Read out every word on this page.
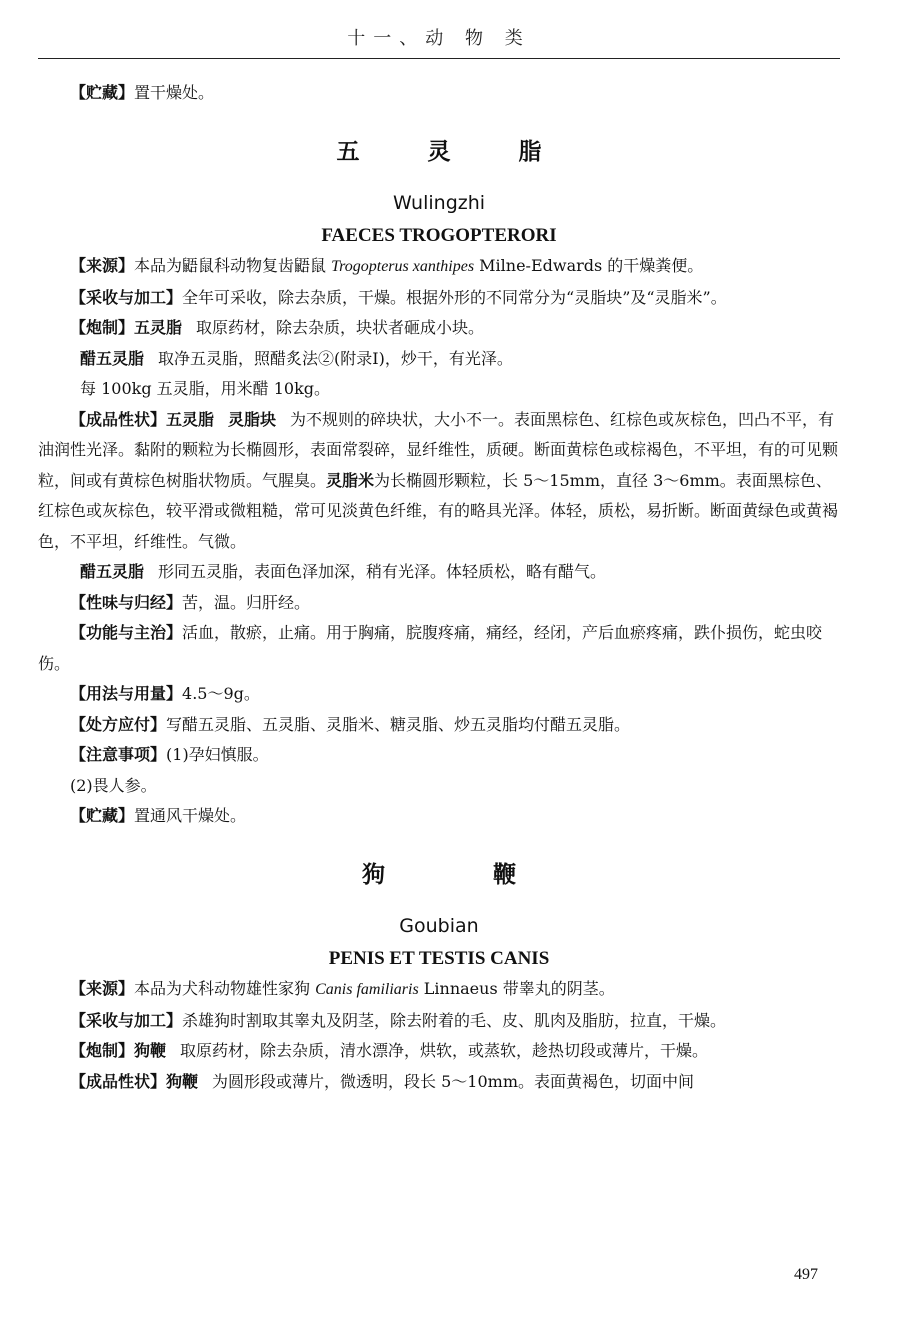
十一、动 物 类

【贮藏】置干燥处。

五 灵 脂
Wulingzhi
FAECES TROGOPTERORI

【来源】本品为鼯鼠科动物复齿鼯鼠 Trogopterus xanthipes Milne-Edwards 的干燥粪便。

【采收与加工】全年可采收，除去杂质，干燥。根据外形的不同常分为“灵脂块”及“灵脂米”。

【炮制】五灵脂 取原药材，除去杂质，块状者砸成小块。

醋五灵脂 取净五灵脂，照醋炙法②(附录Ⅰ)，炒干，有光泽。

每 100kg 五灵脂，用米醋 10kg。

【成品性状】五灵脂 灵脂块 为不规则的碎块状，大小不一。表面黑棕色、红棕色或灰棕色，凹凸不平，有油润性光泽。黏附的颗粒为长椭圆形，表面常裂碎，显纤维性，质硬。断面黄棕色或棕褐色，不平坦，有的可见颗粒，间或有黄棕色树脂状物质。气腥臭。灵脂米为长椭圆形颗粒，长 5～15mm，直径 3～6mm。表面黑棕色、红棕色或灰棕色，较平滑或微粗糙，常可见淡黄色纤维，有的略具光泽。体轻，质松，易折断。断面黄绿色或黄褐色，不平坦，纤维性。气微。

醋五灵脂 形同五灵脂，表面色泽加深，稍有光泽。体轻质松，略有醋气。

【性味与归经】苦，温。归肝经。

【功能与主治】活血，散瘀，止痛。用于胸痛，脘腹疼痛，痛经，经闭，产后血瘀疼痛，跌仆损伤，蛇虫咬伤。

【用法与用量】4.5～9g。

【处方应付】写醋五灵脂、五灵脂、灵脂米、糖灵脂、炒五灵脂均付醋五灵脂。

【注意事项】(1)孕妇慎服。

(2)畏人参。

【贮藏】置通风干燥处。

狗 鞭
Goubian
PENIS ET TESTIS CANIS

【来源】本品为犬科动物雄性家狗 Canis familiaris Linnaeus 带睾丸的阴茎。

【采收与加工】杀雄狗时割取其睾丸及阴茎，除去附着的毛、皮、肌肉及脂肪，拉直，干燥。

【炮制】狗鞭 取原药材，除去杂质，清水漂净，烘软，或蒸软，趁热切段或薄片，干燥。

【成品性状】狗鞭 为圆形段或薄片，微透明，段长 5～10mm。表面黄褐色，切面中间

497
